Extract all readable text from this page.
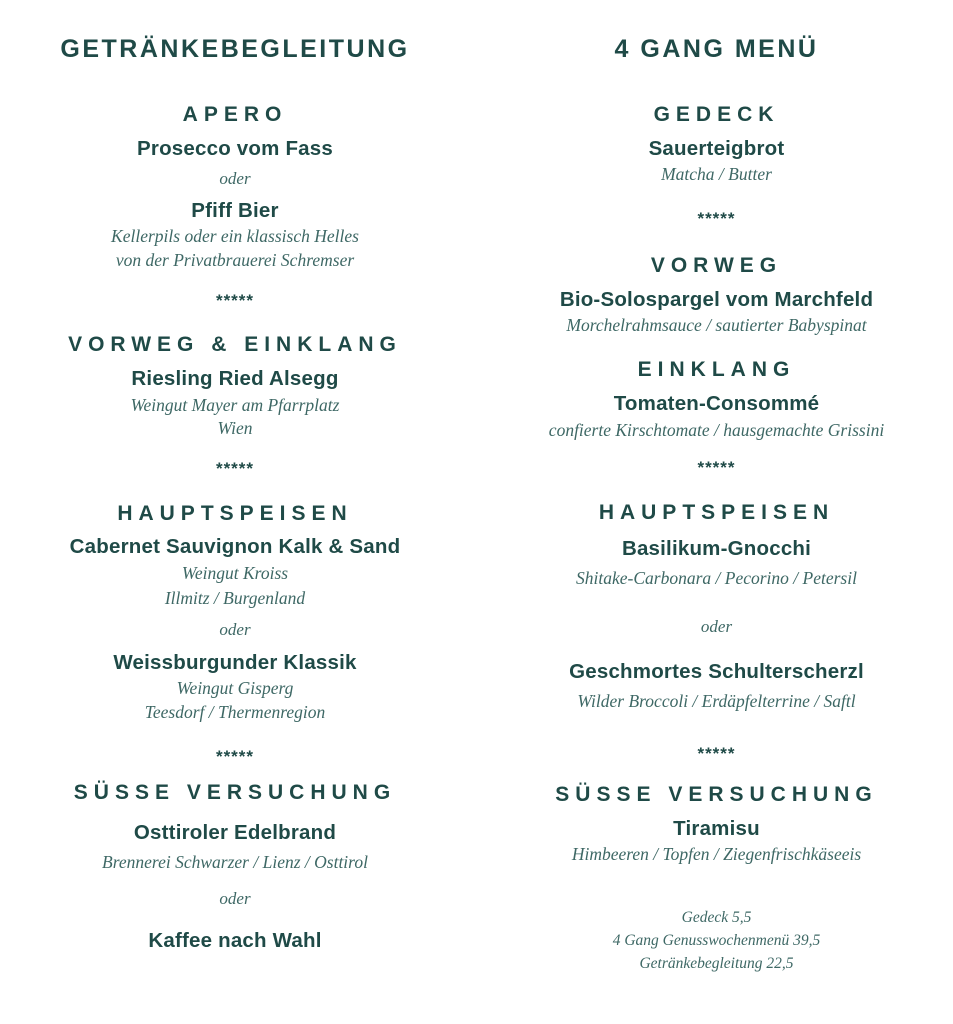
GETRÄNKEBEGLEITUNG
APERO
Prosecco vom Fass
oder
Pfiff Bier
Kellerpils oder ein klassisch Helles
von der Privatbrauerei Schremser
*****
VORWEG & EINKLANG
Riesling Ried Alsegg
Weingut Mayer am Pfarrplatz
Wien
*****
HAUPTSPEISEN
Cabernet Sauvignon Kalk & Sand
Weingut Kroiss
Illmitz / Burgenland
oder
Weissburgunder Klassik
Weingut Gisperg
Teesdorf / Thermenregion
*****
SÜSSE VERSUCHUNG
Osttiroler Edelbrand
Brennerei Schwarzer / Lienz / Osttirol
oder
Kaffee nach Wahl
4 GANG MENÜ
GEDECK
Sauerteigbrot
Matcha / Butter
*****
VORWEG
Bio-Solospargel vom Marchfeld
Morchelrahmsauce / sautierter Babyspinat
EINKLANG
Tomaten-Consommé
confierte Kirschtomate / hausgemachte Grissini
*****
HAUPTSPEISEN
Basilikum-Gnocchi
Shitake-Carbonara / Pecorino / Petersil
oder
Geschmortes Schulterscherzl
Wilder Broccoli / Erdäpfelterrine / Saftl
*****
SÜSSE VERSUCHUNG
Tiramisu
Himbeeren / Topfen / Ziegenfrischkäseeis
Gedeck 5,5
4 Gang Genusswochenmenü 39,5
Getränkebegleitung 22,5
